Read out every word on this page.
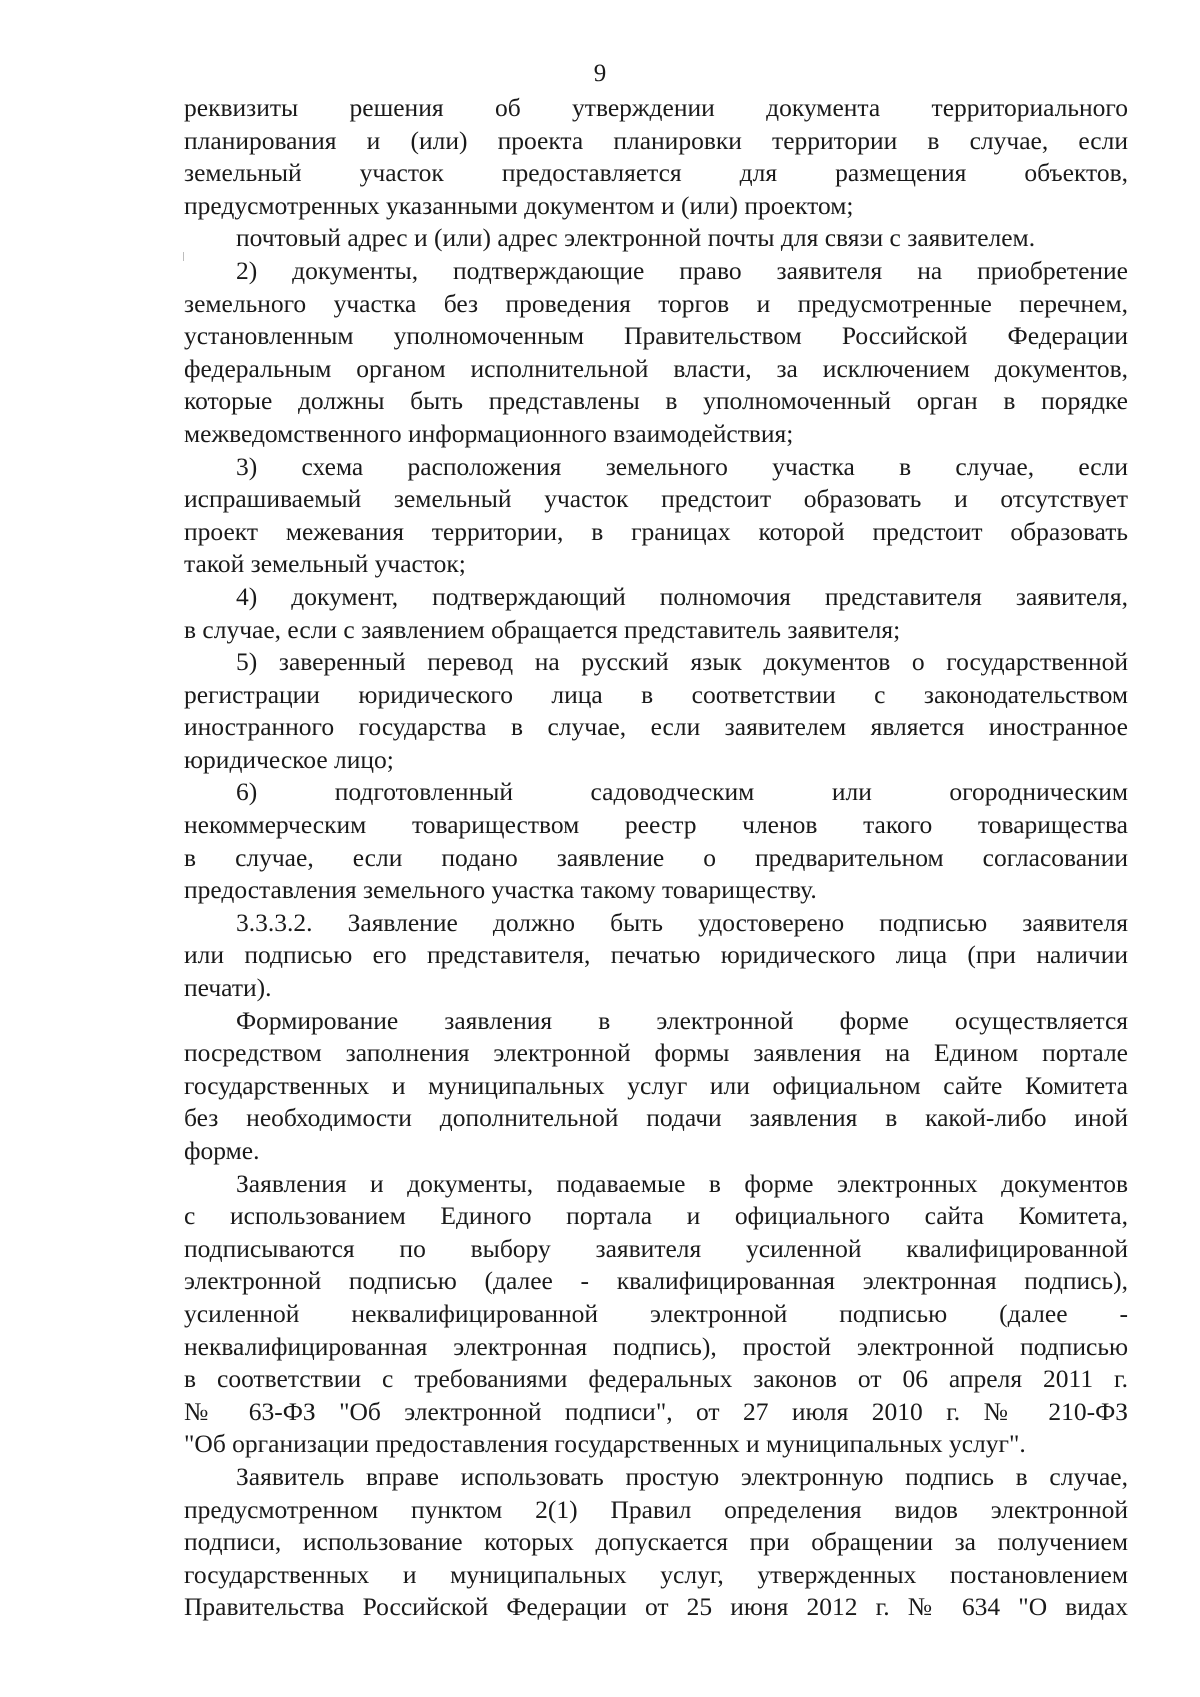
9
реквизиты решения об утверждении документа территориального
планирования и (или) проекта планировки территории в случае, если
земельный участок предоставляется для размещения объектов,
предусмотренных указанными документом и (или) проектом;
почтовый адрес и (или) адрес электронной почты для связи с заявителем.
2) документы, подтверждающие право заявителя на приобретение
земельного участка без проведения торгов и предусмотренные перечнем,
установленным уполномоченным Правительством Российской Федерации
федеральным органом исполнительной власти, за исключением документов,
которые должны быть представлены в уполномоченный орган в порядке
межведомственного информационного взаимодействия;
3) схема расположения земельного участка в случае, если
испрашиваемый земельный участок предстоит образовать и отсутствует
проект межевания территории, в границах которой предстоит образовать
такой земельный участок;
4) документ, подтверждающий полномочия представителя заявителя,
в случае, если с заявлением обращается представитель заявителя;
5) заверенный перевод на русский язык документов о государственной
регистрации юридического лица в соответствии с законодательством
иностранного государства в случае, если заявителем является иностранное
юридическое лицо;
6) подготовленный садоводческим или огородническим
некоммерческим товариществом реестр членов такого товарищества
в случае, если подано заявление о предварительном согласовании
предоставления земельного участка такому товариществу.
3.3.3.2. Заявление должно быть удостоверено подписью заявителя
или подписью его представителя, печатью юридического лица (при наличии
печати).
Формирование заявления в электронной форме осуществляется
посредством заполнения электронной формы заявления на Едином портале
государственных и муниципальных услуг или официальном сайте Комитета
без необходимости дополнительной подачи заявления в какой-либо иной
форме.
Заявления и документы, подаваемые в форме электронных документов
с использованием Единого портала и официального сайта Комитета,
подписываются по выбору заявителя усиленной квалифицированной
электронной подписью (далее - квалифицированная электронная подпись),
усиленной неквалифицированной электронной подписью (далее -
неквалифицированная электронная подпись), простой электронной подписью
в соответствии с требованиями федеральных законов от 06 апреля 2011 г.
№ 63-ФЗ "Об электронной подписи", от 27 июля 2010 г. № 210-ФЗ
"Об организации предоставления государственных и муниципальных услуг".
Заявитель вправе использовать простую электронную подпись в случае,
предусмотренном пунктом 2(1) Правил определения видов электронной
подписи, использование которых допускается при обращении за получением
государственных и муниципальных услуг, утвержденных постановлением
Правительства Российской Федерации от 25 июня 2012 г. № 634 "О видах
